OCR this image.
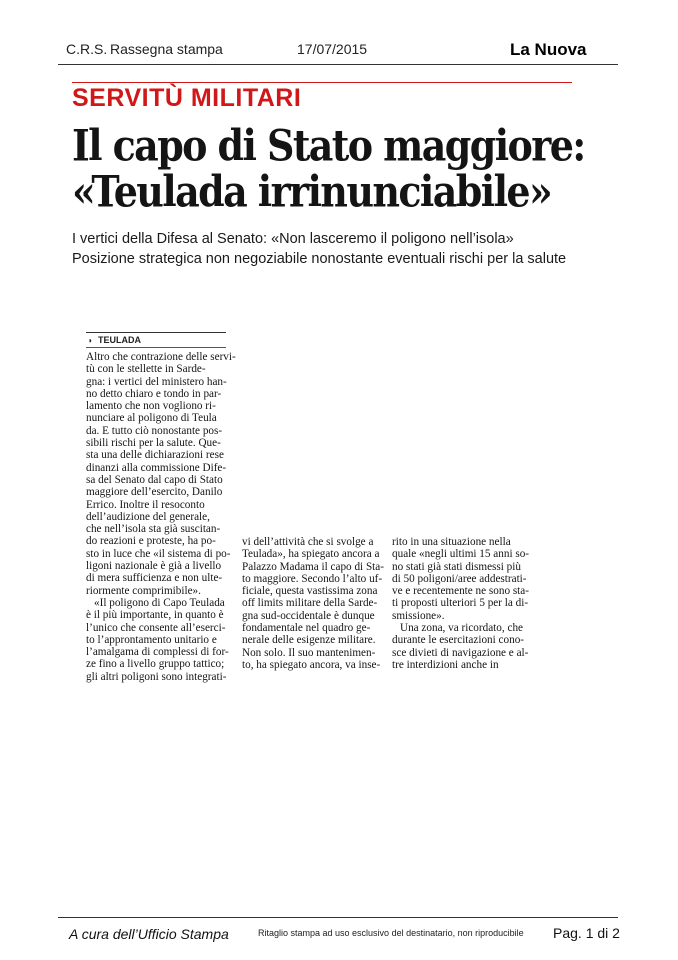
C.R.S. Rassegna stampa	17/07/2015	La Nuova
SERVITÙ MILITARI
Il capo di Stato maggiore:
«Teulada irrinunciabile»
I vertici della Difesa al Senato: «Non lasceremo il poligono nell’isola»
Posizione strategica non negoziabile nonostante eventuali rischi per la salute
◗ TEULADA
Altro che contrazione delle servi-
tù con le stellette in Sarde-
gna: i vertici del ministero han-
no detto chiaro e tondo in par-
lamento che non vogliono ri-
nunciare al poligono di Teula
da. E tutto ciò nonostante pos-
sibili rischi per la salute. Que-
sta una delle dichiarazioni rese
dinanzi alla commissione Dife-
sa del Senato dal capo di Stato
maggiore dell’esercito, Danilo
Errico. Inoltre il resoconto
dell’audizione del generale,
che nell’isola sta già suscitan-
do reazioni e proteste, ha po-
sto in luce che «il sistema di po-
ligoni nazionale è già a livello
di mera sufficienza e non ulte-
riormente comprimibile».
«Il poligono di Capo Teulada
è il più importante, in quanto è
l’unico che consente all’eserci-
to l’approntamento unitario e
l’amalgama di complessi di for-
ze fino a livello gruppo tattico;
gli altri poligoni sono integrati-
vi dell’attività che si svolge a
Teulada», ha spiegato ancora a
Palazzo Madama il capo di Sta-
to maggiore. Secondo l’alto uf-
ficiale, questa vastissima zona
off limits militare della Sarde-
gna sud-occidentale è dunque
fondamentale nel quadro ge-
nerale delle esigenze militare.
Non solo. Il suo mantenimen-
to, ha spiegato ancora, va inse-
rito in una situazione nella
quale «negli ultimi 15 anni so-
no stati già stati dismessi più
di 50 poligoni/aree addestrati-
ve e recentemente ne sono sta-
ti proposti ulteriori 5 per la di-
smissione».
Una zona, va ricordato, che
durante le esercitazioni cono-
sce divieti di navigazione e al-
tre interdizioni anche in
A cura dell’Ufficio Stampa	Ritaglio stampa ad uso esclusivo del destinatario, non riproducibile Pag. 1 di 2
